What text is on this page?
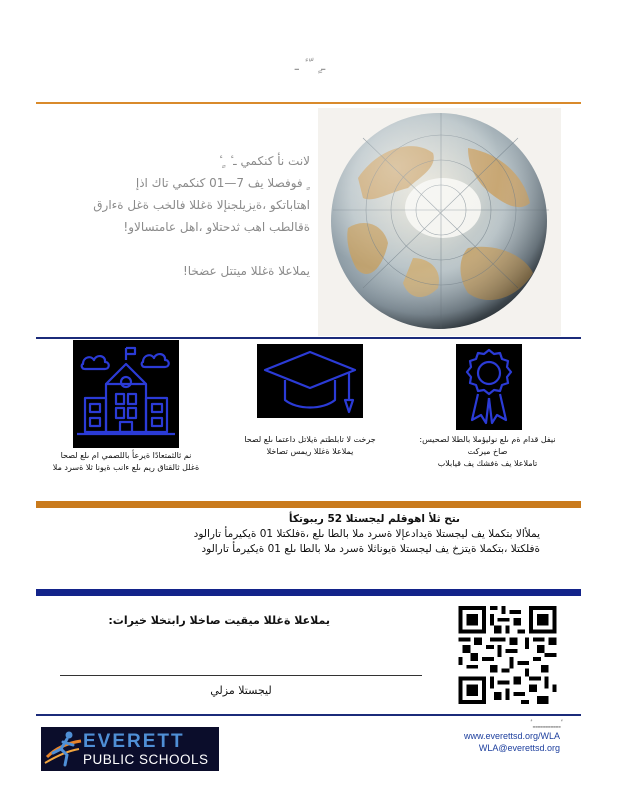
ـ ٍ ‌ ّ ٔ ـ
لانت نأ كنكمي ـ ٔ ‌ ٍ ٔ
ٔ ٍ فوفصلا يف 7—01 كنكمي تاك اذإ
اهتاباتكو ،ةيزيلجنإلا ةغللا فالخب ةغل ةءارق
ةقالطب اهب ثدحتلاو ،اهل عامتسالاو!
يملاعلا ةغللا ميتتل عضخا!
نم ثالثمتعادًا ةيرعأ باللصمي ام ىلع لصحا
ةغلل ثالقتاق ريم ىلع ءانب ةيونا ثلا ةسرد ملا
جرخت لا تابلطتم ةيلاتل داعتما ىلع لصحا
يملاعلا ةغللا ريمس تصاخلا
نيفل قدام ةم ىلع نوليؤملا بالطلا لصحيس:
صاخ ميركت
تاملاعلا يف ةفشك يف قيابلاب
ىتح ثلأ اهوقلم ليجستلا 52 ريبوتكأ
يملأالا بتكملا يف ليجستلا ةيدادعإلا ةسرد ملا بالطا ىلع ،ةفلكتلا 01 ةيكيرمأ تارالود
ةفلكتلا ،بتكملا ةيتزخ يف ليجستلا ةيوناثلا ةسرد ملا بالطا ىلع 01 ةيكيرمأ تارالود
يملاعلا ةغللا ميقيت صاخلا رابتخلا خيرات:
ليجستلا مزلي
EVERETT
PUBLIC SCHOOLS
ٔ ٍ ٍ ٍ ٍ ٍ ٍ ٍ ٍ ٍ ٍ ٍ ٔ
www.everettsd.org/WLA
WLA@everettsd.org
